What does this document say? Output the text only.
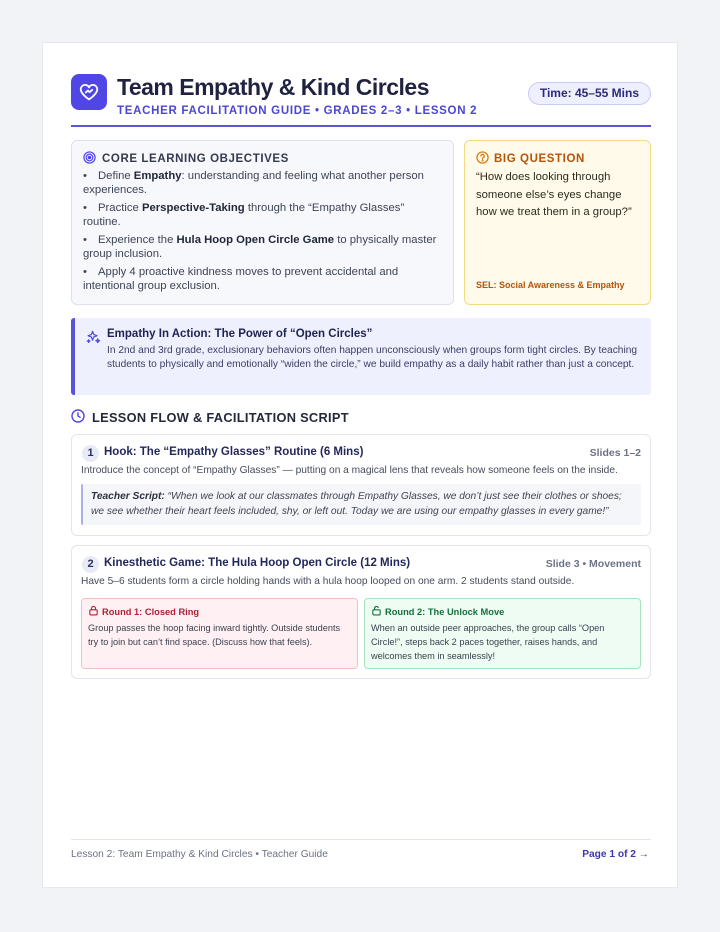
Team Empathy & Kind Circles
TEACHER FACILITATION GUIDE • GRADES 2–3 • LESSON 2
Time: 45–55 Mins
CORE LEARNING OBJECTIVES
• Define Empathy: understanding and feeling what another person experiences.
• Practice Perspective-Taking through the “Empathy Glasses” routine.
• Experience the Hula Hoop Open Circle Game to physically master group inclusion.
• Apply 4 proactive kindness moves to prevent accidental and intentional group exclusion.
BIG QUESTION
“How does looking through someone else’s eyes change how we treat them in a group?”
SEL: Social Awareness & Empathy
Empathy In Action: The Power of “Open Circles”
In 2nd and 3rd grade, exclusionary behaviors often happen unconsciously when groups form tight circles. By teaching students to physically and emotionally “widen the circle,” we build empathy as a daily habit rather than just a concept.
LESSON FLOW & FACILITATION SCRIPT
1 Hook: The “Empathy Glasses” Routine (6 Mins)	Slides 1–2
Introduce the concept of “Empathy Glasses” — putting on a magical lens that reveals how someone feels on the inside.
Teacher Script: “When we look at our classmates through Empathy Glasses, we don’t just see their clothes or shoes; we see whether their heart feels included, shy, or left out. Today we are using our empathy glasses in every game!”
2 Kinesthetic Game: The Hula Hoop Open Circle (12 Mins)	Slide 3 • Movement
Have 5–6 students form a circle holding hands with a hula hoop looped on one arm. 2 students stand outside.
Round 1: Closed Ring
Group passes the hoop facing inward tightly. Outside students try to join but can’t find space. (Discuss how that feels).
Round 2: The Unlock Move
When an outside peer approaches, the group calls “Open Circle!”, steps back 2 paces together, raises hands, and welcomes them in seamlessly!
Lesson 2: Team Empathy & Kind Circles • Teacher Guide	Page 1 of 2 →
